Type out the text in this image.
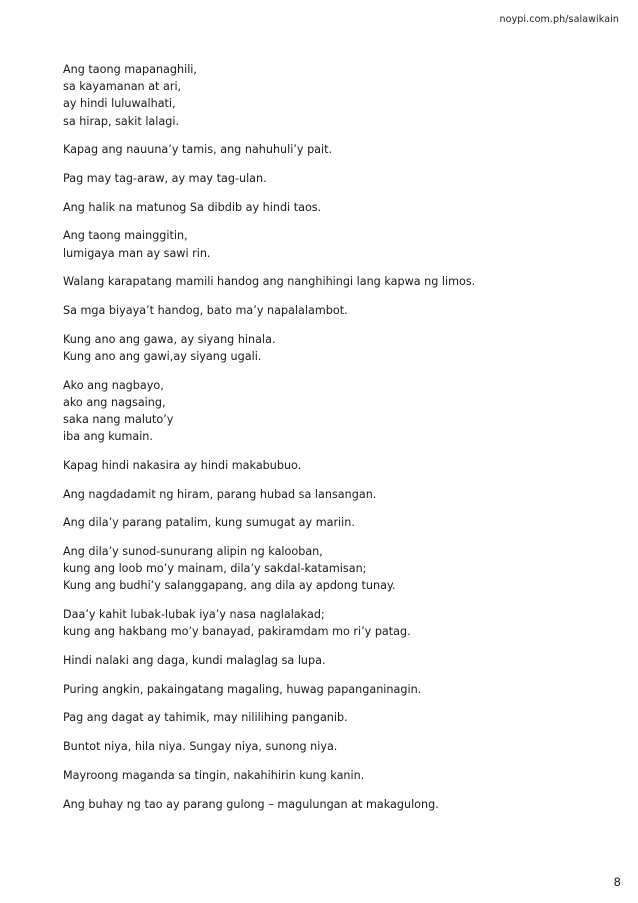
noypi.com.ph/salawikain
Ang taong mapanaghili,
sa kayamanan at ari,
ay hindi luluwalhati,
sa hirap, sakit lalagi.
Kapag ang nauuna’y tamis, ang nahuhuli’y pait.
Pag may tag-araw, ay may tag-ulan.
Ang halik na matunog Sa dibdib ay hindi taos.
Ang taong mainggitin,
lumigaya man ay sawi rin.
Walang karapatang mamili handog ang nanghihingi lang kapwa ng limos.
Sa mga biyaya’t handog, bato ma’y napalalambot.
Kung ano ang gawa, ay siyang hinala.
Kung ano ang gawi,ay siyang ugali.
Ako ang nagbayo,
ako ang nagsaing,
saka nang maluto’y
iba ang kumain.
Kapag hindi nakasira ay hindi makabubuo.
Ang nagdadamit ng hiram, parang hubad sa lansangan.
Ang dila’y parang patalim, kung sumugat ay mariin.
Ang dila’y sunod-sunurang alipin ng kalooban,
kung ang loob mo’y mainam, dila’y sakdal-katamisan;
Kung ang budhi’y salanggapang, ang dila ay apdong tunay.
Daa’y kahit lubak-lubak iya’y nasa naglalakad;
kung ang hakbang mo’y banayad, pakiramdam mo ri’y patag.
Hindi nalaki ang daga, kundi malaglag sa lupa.
Puring angkin, pakaingatang magaling, huwag papanganinagin.
Pag ang dagat ay tahimik, may nililihing panganib.
Buntot niya, hila niya. Sungay niya, sunong niya.
Mayroong maganda sa tingin, nakahihirin kung kanin.
Ang buhay ng tao ay parang gulong – magulungan at makagulong.
8
